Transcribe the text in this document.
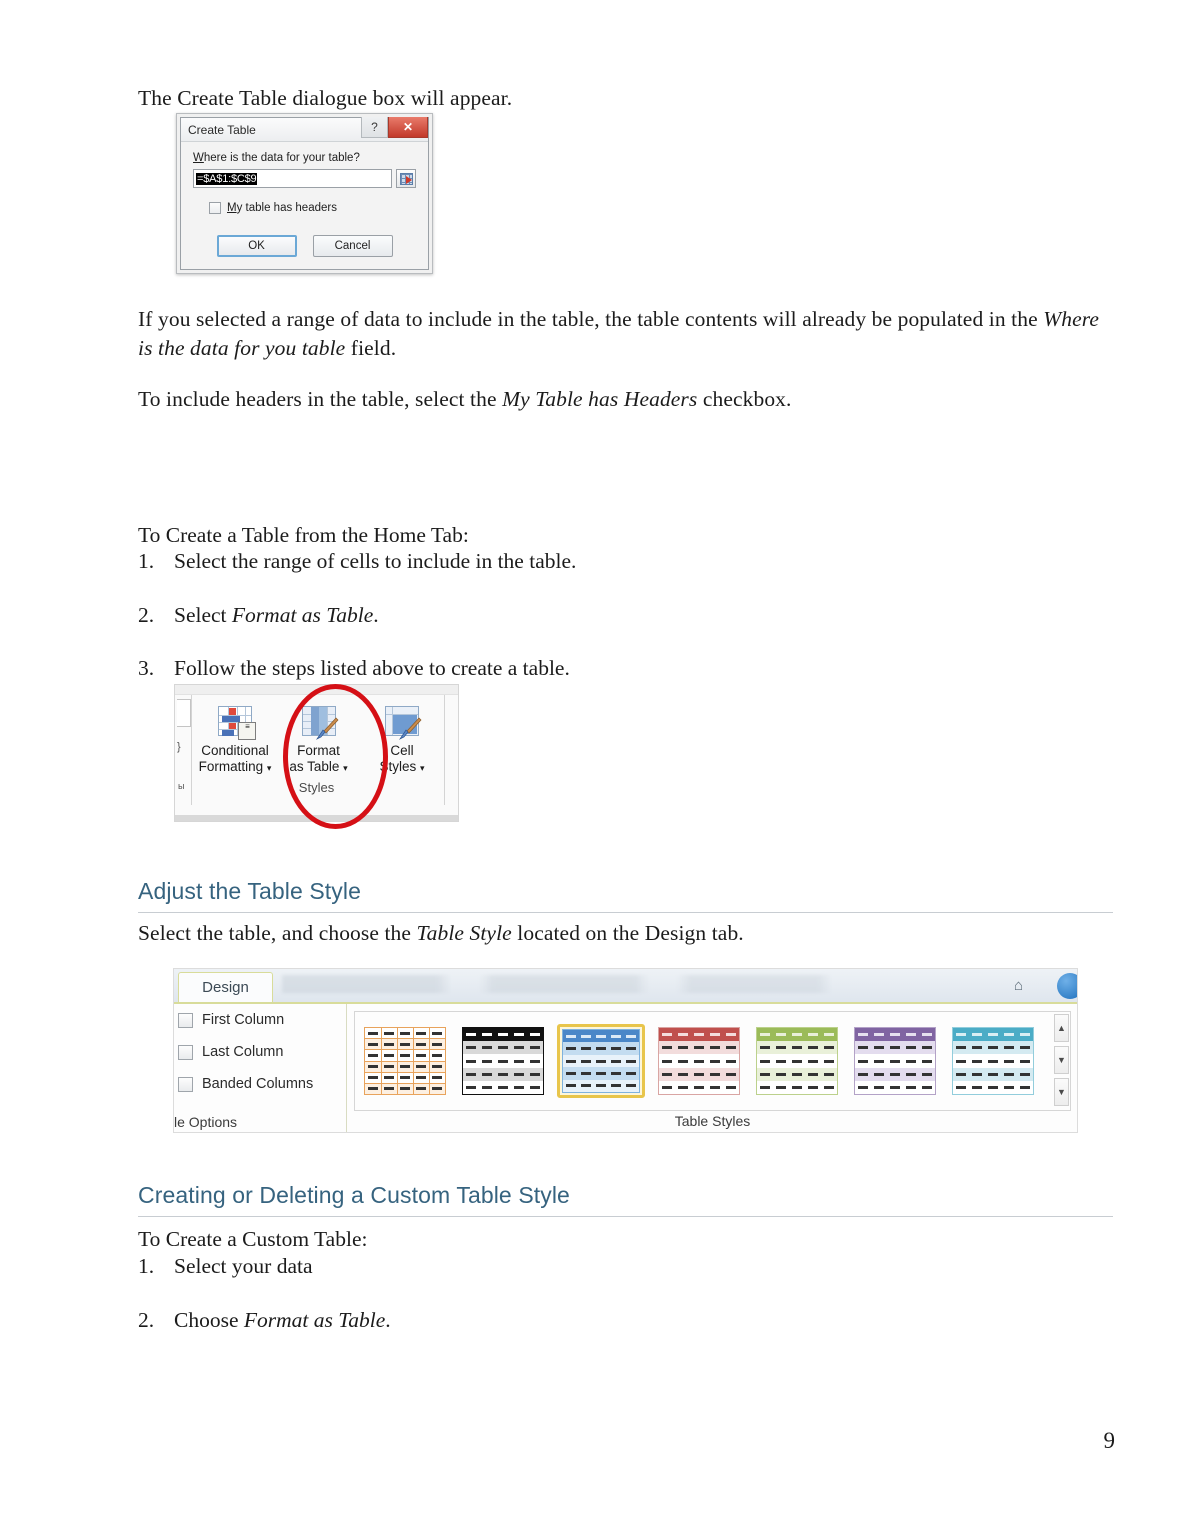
The Create Table dialogue box will appear.
Create Table	?	✕
Where is the data for your table?
=$A$1:$C$9
My table has headers
OK	Cancel
If you selected a range of data to include in the table, the table contents will already be populated in the Where is the data for you table field.
To include headers in the table, select the My Table has Headers checkbox.
To Create a Table from the Home Tab:
1. Select the range of cells to include in the table.
2. Select Format as Table.
3. Follow the steps listed above to create a table.
}
ы
≡
Conditional
Formatting ▾
Format
as Table ▾
Cell
Styles ▾
Styles
Adjust the Table Style
Select the table, and choose the Table Style located on the Design tab.
Design	⌂
First Column
Last Column
Banded Columns
le Options
▲
▼
▼
Table Styles
Creating or Deleting a Custom Table Style
To Create a Custom Table:
1. Select your data
2. Choose Format as Table.
9
